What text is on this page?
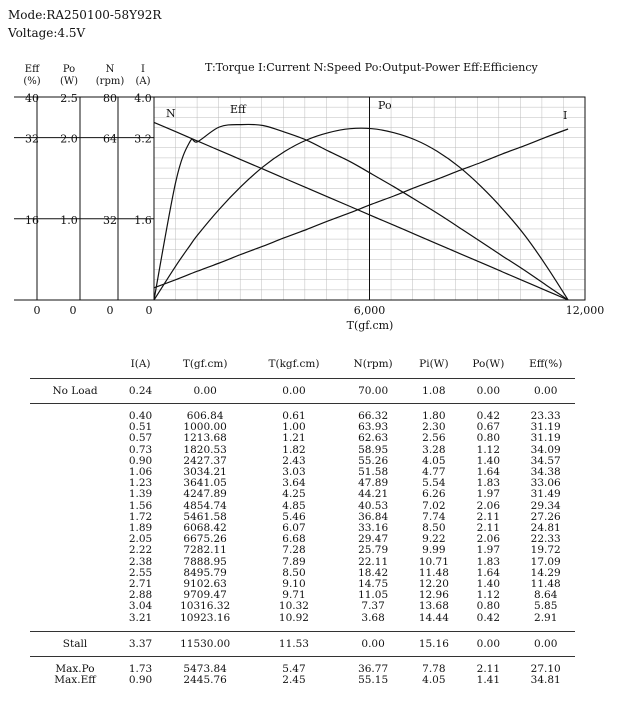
Mode:RA250100-58Y92R
Voltage:4.5V
Eff
(%)
40
32
16
0
Po
(W)
2.5
2.0
1.0
0
N
(rpm)
80
64
32
0
I
(A)
4.0
3.2
1.6
0	6,000	12,000
N	I
Po
Eff
T:Torque I:Current N:Speed Po:Output-Power Eff:Efficiency
T(gf.cm)
	I(A)	T(gf.cm)	T(kgf.cm)	N(rpm)	Pi(W)	Po(W)	Eff(%)

No Load	0.24	0.00	0.00	70.00	1.08	0.00	0.00

	0.40	606.84	0.61	66.32	1.80	0.42	23.33
	0.51	1000.00	1.00	63.93	2.30	0.67	31.19
	0.57	1213.68	1.21	62.63	2.56	0.80	31.19
	0.73	1820.53	1.82	58.95	3.28	1.12	34.09
	0.90	2427.37	2.43	55.26	4.05	1.40	34.57
	1.06	3034.21	3.03	51.58	4.77	1.64	34.38
	1.23	3641.05	3.64	47.89	5.54	1.83	33.06
	1.39	4247.89	4.25	44.21	6.26	1.97	31.49
	1.56	4854.74	4.85	40.53	7.02	2.06	29.34
	1.72	5461.58	5.46	36.84	7.74	2.11	27.26
	1.89	6068.42	6.07	33.16	8.50	2.11	24.81
	2.05	6675.26	6.68	29.47	9.22	2.06	22.33
	2.22	7282.11	7.28	25.79	9.99	1.97	19.72
	2.38	7888.95	7.89	22.11	10.71	1.83	17.09
	2.55	8495.79	8.50	18.42	11.48	1.64	14.29
	2.71	9102.63	9.10	14.75	12.20	1.40	11.48
	2.88	9709.47	9.71	11.05	12.96	1.12	8.64
	3.04	10316.32	10.32	7.37	13.68	0.80	5.85
	3.21	10923.16	10.92	3.68	14.44	0.42	2.91

Stall	3.37	11530.00	11.53	0.00	15.16	0.00	0.00

Max.Po	1.73	5473.84	5.47	36.77	7.78	2.11	27.10
Max.Eff	0.90	2445.76	2.45	55.15	4.05	1.41	34.81
